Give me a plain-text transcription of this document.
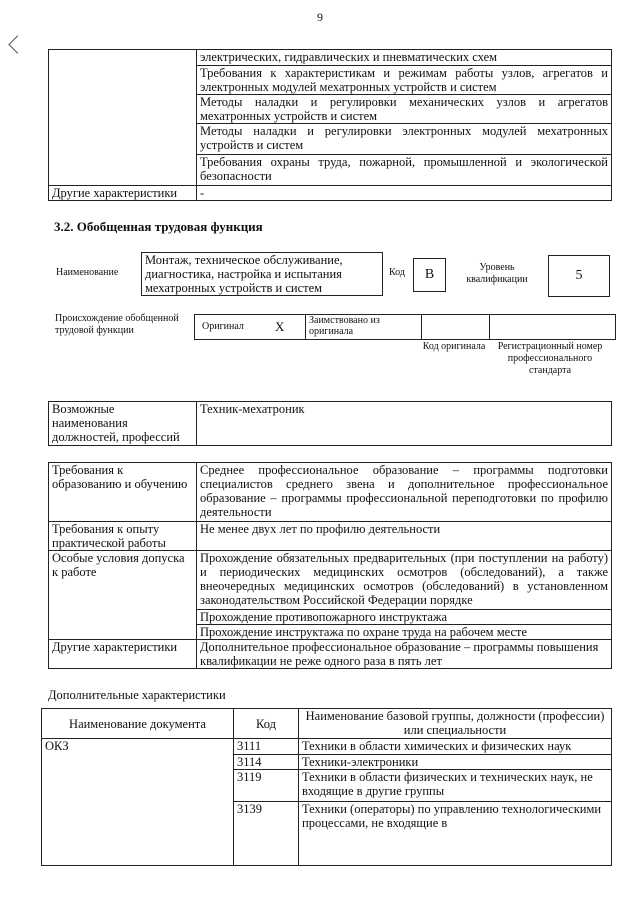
9
	электрических, гидравлических и пневматических схем
	Требования к характеристикам и режимам работы узлов, агрегатов и электронных модулей мехатронных устройств и систем
	Методы наладки и регулировки механических узлов и агрегатов мехатронных устройств и систем
	Методы наладки и регулировки электронных модулей мехатронных устройств и систем
	Требования охраны труда, пожарной, промышленной и экологической безопасности
Другие характеристики	-
3.2. Обобщенная трудовая функция
Наименование
Монтаж, техническое обслуживание, диагностика, настройка и испытания мехатронных устройств и систем
Код	B	Уровень квалификации	5
Происхождение обобщенной трудовой функции	Оригинал X Заимствовано из оригинала
Код оригинала	Регистрационный номер профессионального стандарта
Возможные наименования должностей, профессий	Техник-мехатроник
Требования к образованию и обучению	Среднее профессиональное образование – программы подготовки специалистов среднего звена и дополнительное профессиональное образование – программы профессиональной переподготовки по профилю деятельности
Требования к опыту практической работы	Не менее двух лет по профилю деятельности
Особые условия допуска к работе	Прохождение обязательных предварительных (при поступлении на работу) и периодических медицинских осмотров (обследований), а также внеочередных медицинских осмотров (обследований) в установленном законодательством Российской Федерации порядке
	Прохождение противопожарного инструктажа
	Прохождение инструктажа по охране труда на рабочем месте
Другие характеристики	Дополнительное профессиональное образование – программы повышения квалификации не реже одного раза в пять лет
Дополнительные характеристики
Наименование документа	Код	Наименование базовой группы, должности (профессии) или специальности
ОКЗ	3111	Техники в области химических и физических наук
	3114	Техники-электроники
	3119	Техники в области физических и технических наук, не входящие в другие группы
	3139	Техники (операторы) по управлению технологическими процессами, не входящие в
